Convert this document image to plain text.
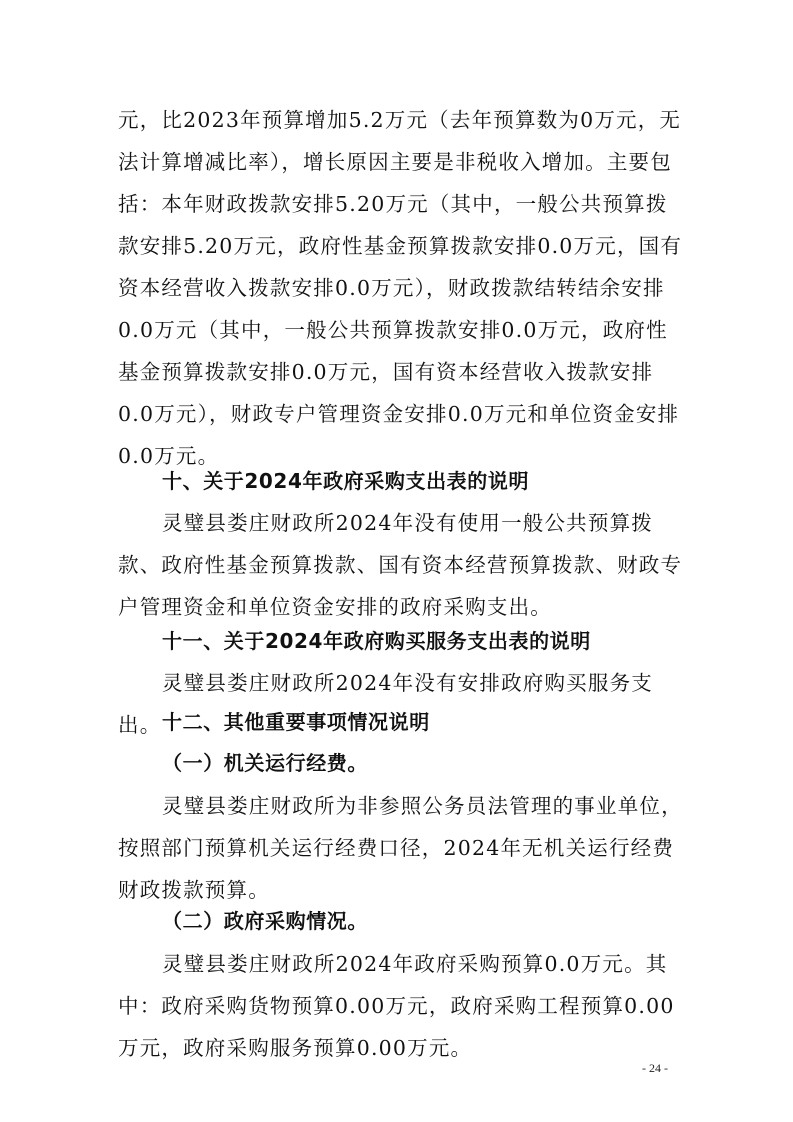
元，比2023年预算增加5.2万元（去年预算数为0万元，无法计算增减比率），增长原因主要是非税收入增加。主要包括：本年财政拨款安排5.20万元（其中，一般公共预算拨款安排5.20万元，政府性基金预算拨款安排0.0万元，国有资本经营收入拨款安排0.0万元），财政拨款结转结余安排0.0万元（其中，一般公共预算拨款安排0.0万元，政府性基金预算拨款安排0.0万元，国有资本经营收入拨款安排0.0万元），财政专户管理资金安排0.0万元和单位资金安排0.0万元。

十、关于2024年政府采购支出表的说明

灵璧县娄庄财政所2024年没有使用一般公共预算拨款、政府性基金预算拨款、国有资本经营预算拨款、财政专户管理资金和单位资金安排的政府采购支出。

十一、关于2024年政府购买服务支出表的说明

灵璧县娄庄财政所2024年没有安排政府购买服务支出。 十二、其他重要事项情况说明

（一）机关运行经费。

灵璧县娄庄财政所为非参照公务员法管理的事业单位，按照部门预算机关运行经费口径，2024年无机关运行经费财政拨款预算。

（二）政府采购情况。

灵璧县娄庄财政所2024年政府采购预算0.0万元。其中：政府采购货物预算0.00万元，政府采购工程预算0.00万元，政府采购服务预算0.00万元。

- 24 -
